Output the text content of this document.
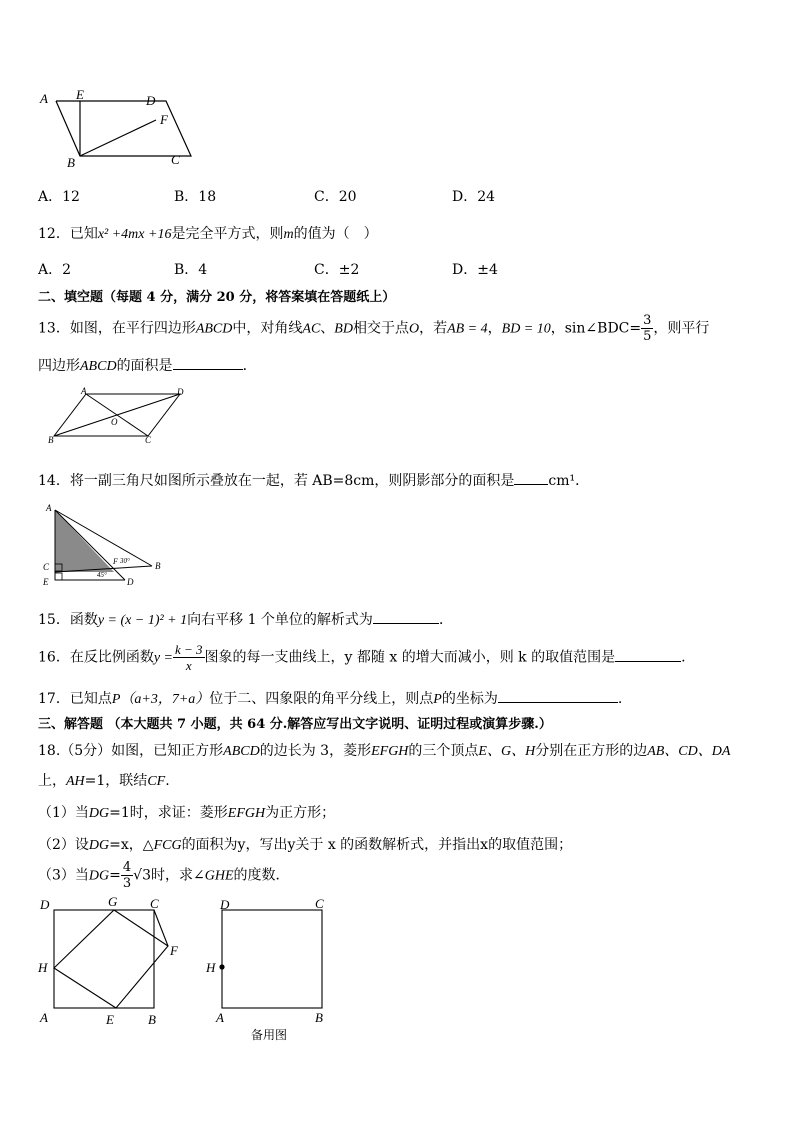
A E	D
F
B	C
A．12	B．18	C．20	D．24
12．已知x² +4mx +16是完全平方式，则m的值为（　）
A．2	B．4	C．±2	D．±4
二、填空题（每题 4 分，满分 20 分，将答案填在答题纸上）
13．如图，在平行四边形ABCD中，对角线AC、BD相交于点O，若AB = 4，BD = 10，sin∠BDC= $\frac{3}{5}$ ，则平行
四边形ABCD的面积是	．
A	D
O
B	C
14．将一副三角尺如图所示叠放在一起，若 AB=8cm，则阴影部分的面积是 cm¹．
A
C
E
F 30°
45°
D
B
15．函数y = (x − 1)² + 1向右平移 1 个单位的解析式为	．
16．在反比例函数$y = \frac{k - 3}{x}$ 图象的每一支曲线上，y 都随 x 的增大而减小，则 k 的取值范围是	.
17．已知点P（a+3，7+a）位于二、四象限的角平分线上，则点P的坐标为	.
三、解答题 （本大题共 7 小题，共 64 分.解答应写出文字说明、证明过程或演算步骤.）
18.（5分）如图，已知正方形ABCD的边长为 3，菱形EFGH的三个顶点E、G、H分别在正方形的边AB、CD、DA
上，AH=1，联结CF.
（1）当DG=1时，求证：菱形EFGH为正方形；
（2）设DG=x，△FCG的面积为y，写出y关于 x 的函数解析式，并指出x的取值范围；
（3）当$DG= \frac{4}{3} √3$时，求∠GHE的度数．
D	G	C
F
H
A	E	B
D	C
H
A	B
备用图
